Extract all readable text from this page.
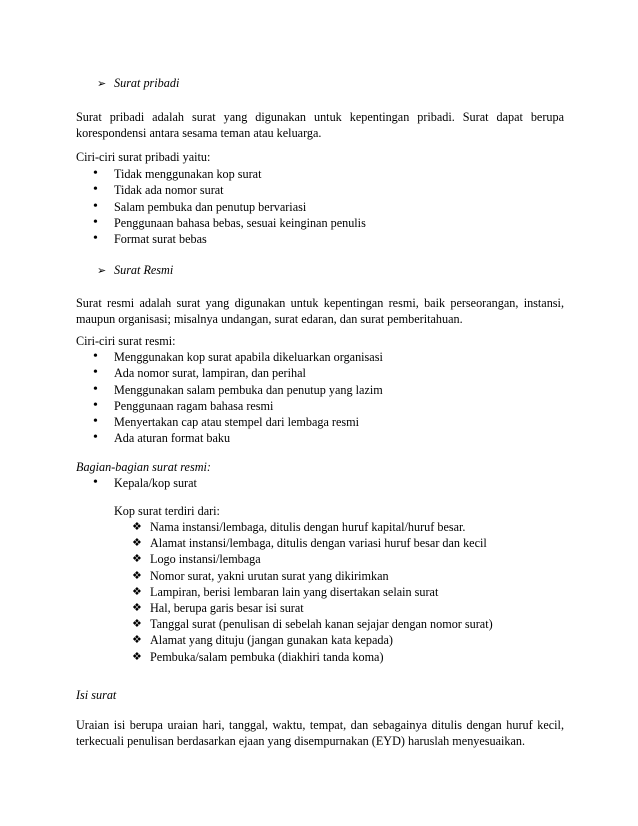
➢ Surat pribadi
Surat pribadi adalah surat yang digunakan untuk kepentingan pribadi. Surat dapat berupa korespondensi antara sesama teman atau keluarga.
Ciri-ciri surat pribadi yaitu:
• Tidak menggunakan kop surat
• Tidak ada nomor surat
• Salam pembuka dan penutup bervariasi
• Penggunaan bahasa bebas, sesuai keinginan penulis
• Format surat bebas
➢ Surat Resmi
Surat resmi adalah surat yang digunakan untuk kepentingan resmi, baik perseorangan, instansi, maupun organisasi; misalnya undangan, surat edaran, dan surat pemberitahuan.
Ciri-ciri surat resmi:
• Menggunakan kop surat apabila dikeluarkan organisasi
• Ada nomor surat, lampiran, dan perihal
• Menggunakan salam pembuka dan penutup yang lazim
• Penggunaan ragam bahasa resmi
• Menyertakan cap atau stempel dari lembaga resmi
• Ada aturan format baku
Bagian-bagian surat resmi:
• Kepala/kop surat
Kop surat terdiri dari:
❖ Nama instansi/lembaga, ditulis dengan huruf kapital/huruf besar.
❖ Alamat instansi/lembaga, ditulis dengan variasi huruf besar dan kecil
❖ Logo instansi/lembaga
❖ Nomor surat, yakni urutan surat yang dikirimkan
❖ Lampiran, berisi lembaran lain yang disertakan selain surat
❖ Hal, berupa garis besar isi surat
❖ Tanggal surat (penulisan di sebelah kanan sejajar dengan nomor surat)
❖ Alamat yang dituju (jangan gunakan kata kepada)
❖ Pembuka/salam pembuka (diakhiri tanda koma)
Isi surat
Uraian isi berupa uraian hari, tanggal, waktu, tempat, dan sebagainya ditulis dengan huruf kecil, terkecuali penulisan berdasarkan ejaan yang disempurnakan (EYD) haruslah menyesuaikan.
